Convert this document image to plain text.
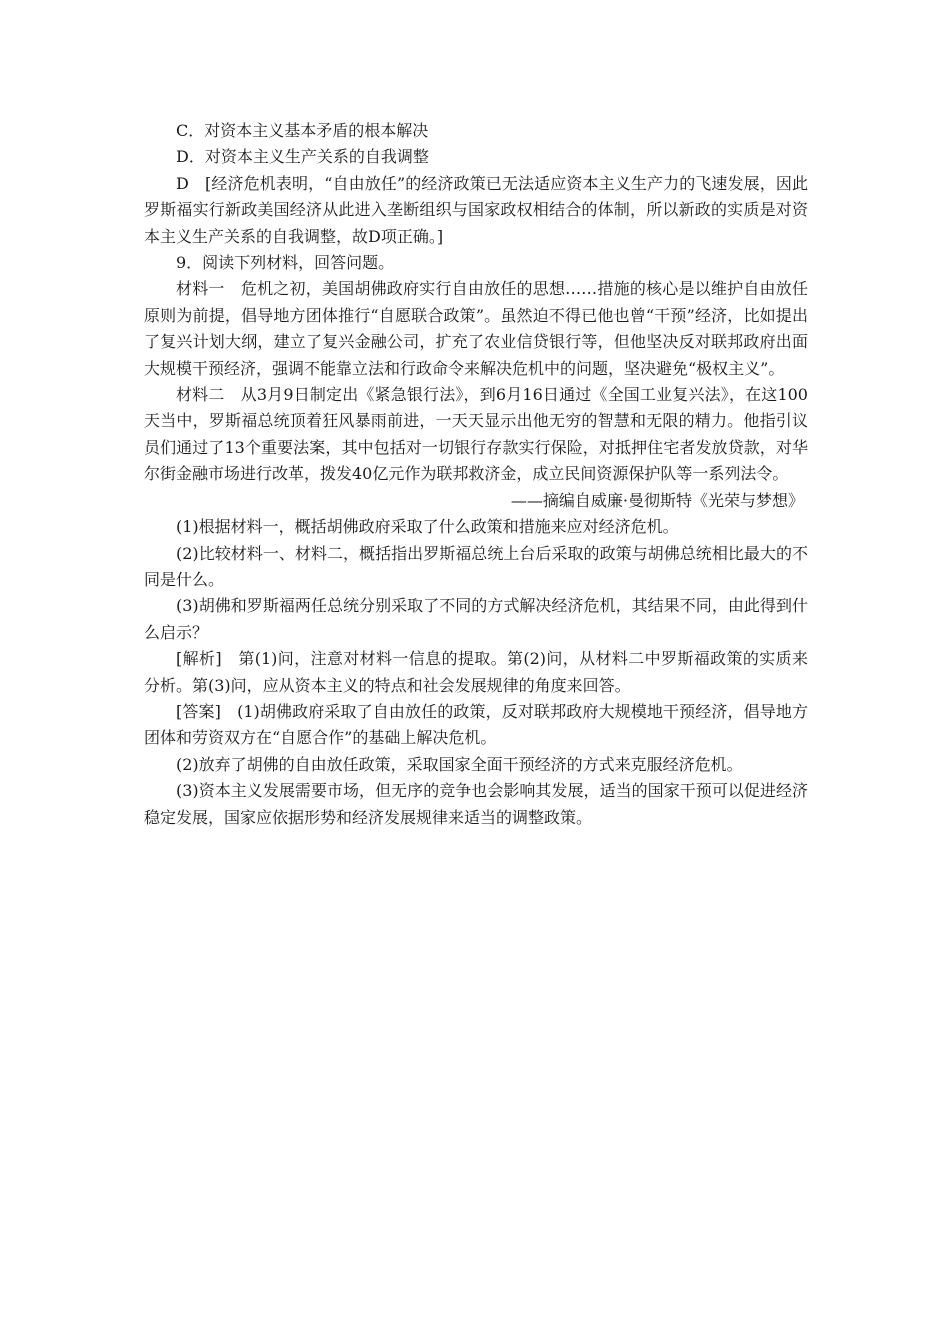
C．对资本主义基本矛盾的根本解决

D．对资本主义生产关系的自我调整

D　[经济危机表明，“自由放任”的经济政策已无法适应资本主义生产力的飞速发展，因此罗斯福实行新政美国经济从此进入垄断组织与国家政权相结合的体制，所以新政的实质是对资本主义生产关系的自我调整，故D项正确。]

9．阅读下列材料，回答问题。

材料一　危机之初，美国胡佛政府实行自由放任的思想……措施的核心是以维护自由放任原则为前提，倡导地方团体推行“自愿联合政策”。虽然迫不得已他也曾“干预”经济，比如提出了复兴计划大纲，建立了复兴金融公司，扩充了农业信贷银行等，但他坚决反对联邦政府出面大规模干预经济，强调不能靠立法和行政命令来解决危机中的问题，坚决避免“极权主义”。

材料二　从3月9日制定出《紧急银行法》，到6月16日通过《全国工业复兴法》，在这100天当中，罗斯福总统顶着狂风暴雨前进，一天天显示出他无穷的智慧和无限的精力。他指引议员们通过了13个重要法案，其中包括对一切银行存款实行保险，对抵押住宅者发放贷款，对华尔街金融市场进行改革，拨发40亿元作为联邦救济金，成立民间资源保护队等一系列法令。

——摘编自威廉·曼彻斯特《光荣与梦想》

(1)根据材料一，概括胡佛政府采取了什么政策和措施来应对经济危机。

(2)比较材料一、材料二，概括指出罗斯福总统上台后采取的政策与胡佛总统相比最大的不同是什么。

(3)胡佛和罗斯福两任总统分别采取了不同的方式解决经济危机，其结果不同，由此得到什么启示？

[解析]　第(1)问，注意对材料一信息的提取。第(2)问，从材料二中罗斯福政策的实质来分析。第(3)问，应从资本主义的特点和社会发展规律的角度来回答。

[答案]　(1)胡佛政府采取了自由放任的政策，反对联邦政府大规模地干预经济，倡导地方团体和劳资双方在“自愿合作”的基础上解决危机。

(2)放弃了胡佛的自由放任政策，采取国家全面干预经济的方式来克服经济危机。

(3)资本主义发展需要市场，但无序的竞争也会影响其发展，适当的国家干预可以促进经济稳定发展，国家应依据形势和经济发展规律来适当的调整政策。
